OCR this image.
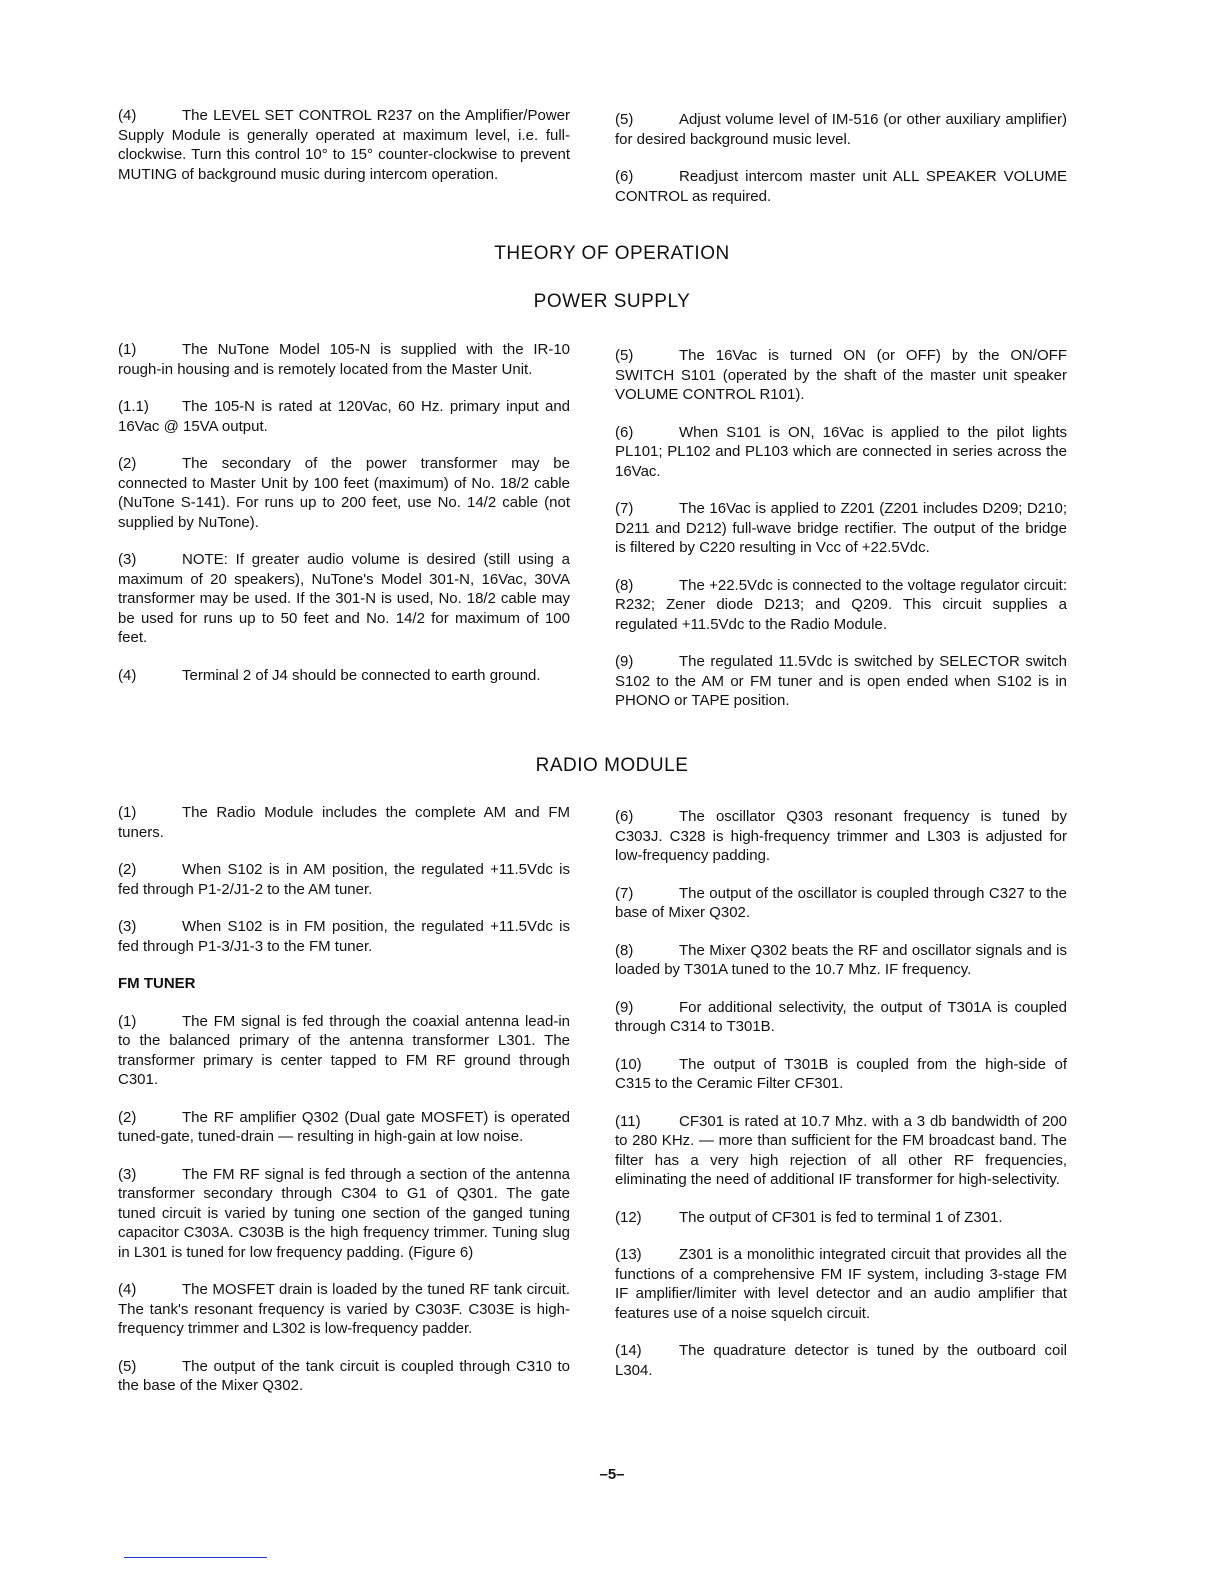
(4)	The LEVEL SET CONTROL R237 on the Amplifier/Power Supply Module is generally operated at maximum level, i.e. full-clockwise. Turn this control 10° to 15° counter-clockwise to prevent MUTING of background music during intercom operation.

(5)	Adjust volume level of IM-516 (or other auxiliary amplifier) for desired background music level.

(6)	Readjust intercom master unit ALL SPEAKER VOLUME CONTROL as required.

THEORY OF OPERATION
POWER SUPPLY

(1)	The NuTone Model 105-N is supplied with the IR-10 rough-in housing and is remotely located from the Master Unit.

(1.1) The 105-N is rated at 120Vac, 60 Hz. primary input and 16Vac @ 15VA output.

(2)	The secondary of the power transformer may be connected to Master Unit by 100 feet (maximum) of No. 18/2 cable (NuTone S-141). For runs up to 200 feet, use No. 14/2 cable (not supplied by NuTone).

(3)	NOTE: If greater audio volume is desired (still using a maximum of 20 speakers), NuTone's Model 301-N, 16Vac, 30VA transformer may be used. If the 301-N is used, No. 18/2 cable may be used for runs up to 50 feet and No. 14/2 for maximum of 100 feet.

(4)	Terminal 2 of J4 should be connected to earth ground.

(5)	The 16Vac is turned ON (or OFF) by the ON/OFF SWITCH S101 (operated by the shaft of the master unit speaker VOLUME CONTROL R101).

(6)	When S101 is ON, 16Vac is applied to the pilot lights PL101; PL102 and PL103 which are connected in series across the 16Vac.

(7)	The 16Vac is applied to Z201 (Z201 includes D209; D210; D211 and D212) full-wave bridge rectifier. The output of the bridge is filtered by C220 resulting in Vcc of +22.5Vdc.

(8)	The +22.5Vdc is connected to the voltage regulator circuit: R232; Zener diode D213; and Q209. This circuit supplies a regulated +11.5Vdc to the Radio Module.

(9)	The regulated 11.5Vdc is switched by SELECTOR switch S102 to the AM or FM tuner and is open ended when S102 is in PHONO or TAPE position.

RADIO MODULE

(1)	The Radio Module includes the complete AM and FM tuners.

(2)	When S102 is in AM position, the regulated +11.5Vdc is fed through P1-2/J1-2 to the AM tuner.

(3)	When S102 is in FM position, the regulated +11.5Vdc is fed through P1-3/J1-3 to the FM tuner.

FM TUNER

(1)	The FM signal is fed through the coaxial antenna lead-in to the balanced primary of the antenna transformer L301. The transformer primary is center tapped to FM RF ground through C301.

(2)	The RF amplifier Q302 (Dual gate MOSFET) is operated tuned-gate, tuned-drain — resulting in high-gain at low noise.

(3)	The FM RF signal is fed through a section of the antenna transformer secondary through C304 to G1 of Q301. The gate tuned circuit is varied by tuning one section of the ganged tuning capacitor C303A. C303B is the high frequency trimmer. Tuning slug in L301 is tuned for low frequency padding. (Figure 6)

(4)	The MOSFET drain is loaded by the tuned RF tank circuit. The tank's resonant frequency is varied by C303F. C303E is high-frequency trimmer and L302 is low-frequency padder.

(5)	The output of the tank circuit is coupled through C310 to the base of the Mixer Q302.

(6)	The oscillator Q303 resonant frequency is tuned by C303J. C328 is high-frequency trimmer and L303 is adjusted for low-frequency padding.

(7)	The output of the oscillator is coupled through C327 to the base of Mixer Q302.

(8)	The Mixer Q302 beats the RF and oscillator signals and is loaded by T301A tuned to the 10.7 Mhz. IF frequency.

(9)	For additional selectivity, the output of T301A is coupled through C314 to T301B.

(10) The output of T301B is coupled from the high-side of C315 to the Ceramic Filter CF301.

(11)	CF301 is rated at 10.7 Mhz. with a 3 db bandwidth of 200 to 280 KHz. — more than sufficient for the FM broadcast band. The filter has a very high rejection of all other RF frequencies, eliminating the need of additional IF transformer for high-selectivity.

(12) The output of CF301 is fed to terminal 1 of Z301.

(13) Z301 is a monolithic integrated circuit that provides all the functions of a comprehensive FM IF system, including 3-stage FM IF amplifier/limiter with level detector and an audio amplifier that features use of a noise squelch circuit.

(14) The quadrature detector is tuned by the outboard coil L304.

–5–
